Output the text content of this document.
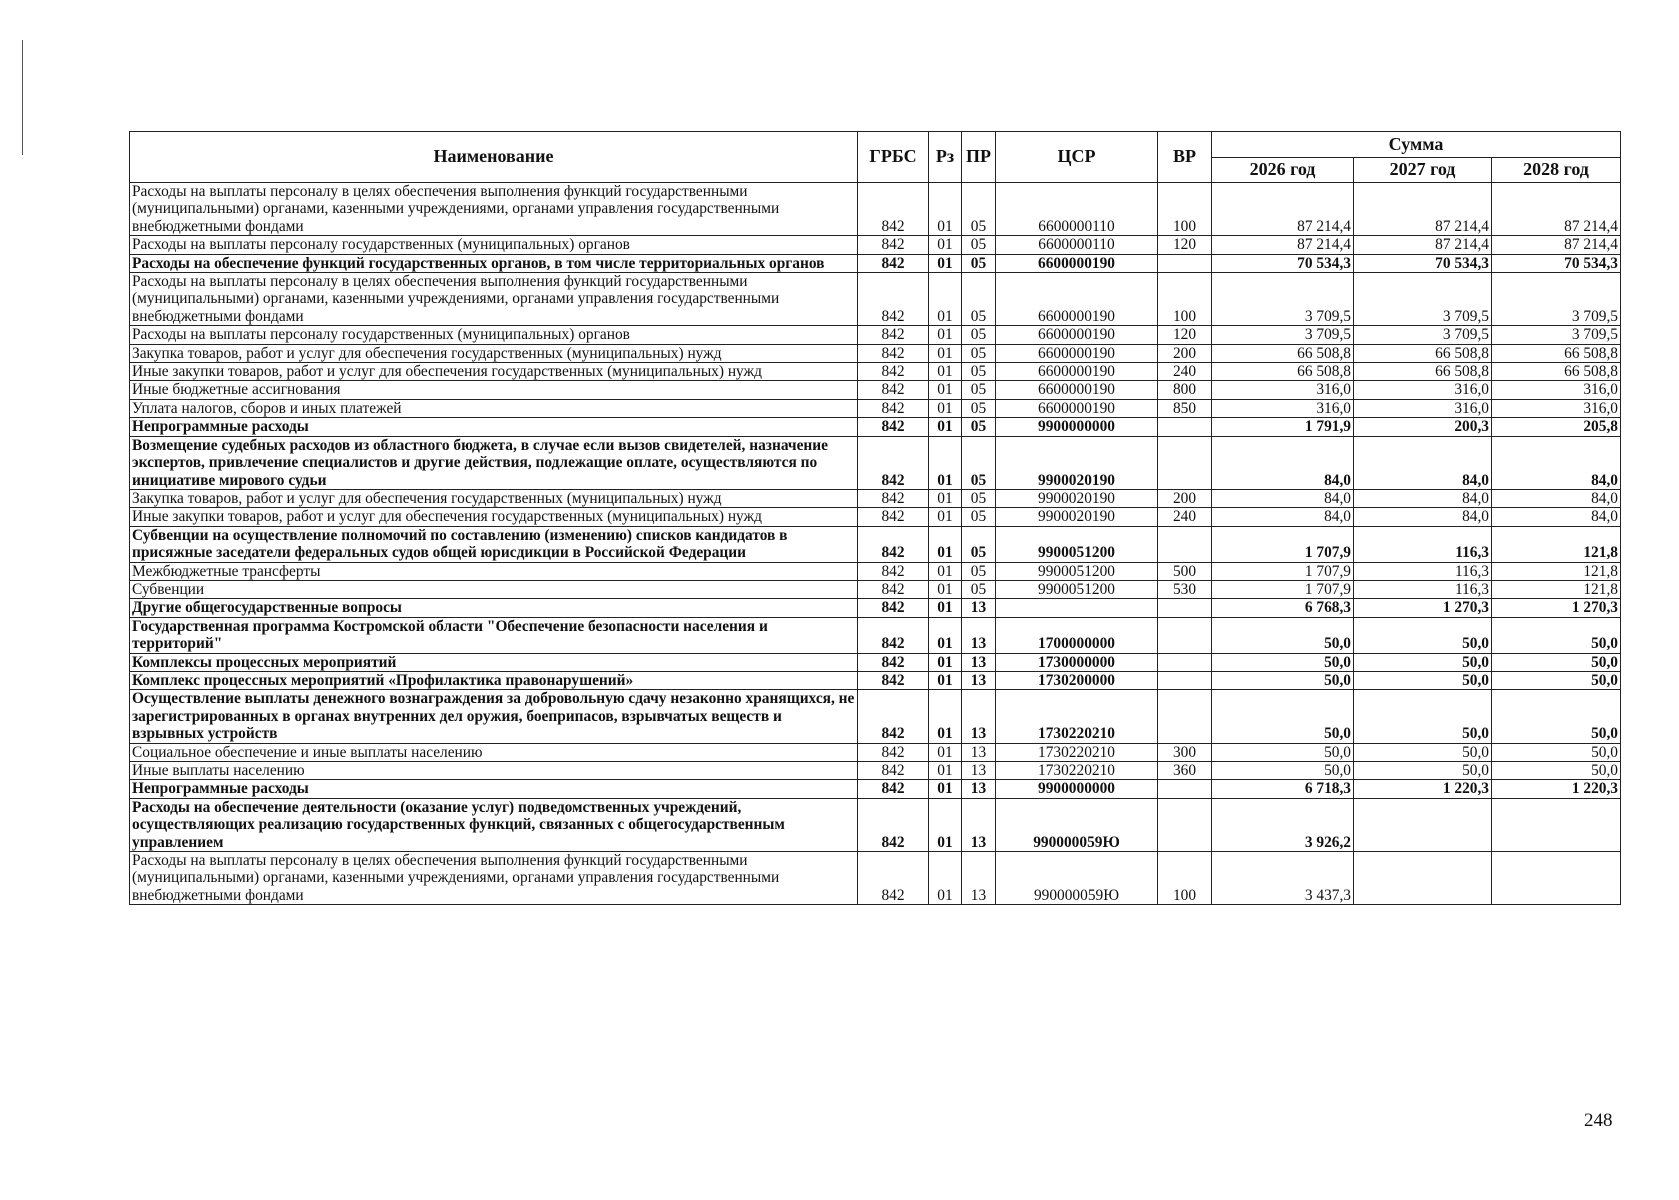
Наименование	ГРБС	Рз	ПР	ЦСР	ВР	Сумма		
						2026 год	2027 год	2028 год
Расходы на выплаты персоналу в целях обеспечения выполнения функций государственными (муниципальными) органами, казенными учреждениями, органами управления государственными внебюджетными фондами	842	01	05	6600000110	100	87 214,4	87 214,4	87 214,4
Расходы на выплаты персоналу государственных (муниципальных) органов	842	01	05	6600000110	120	87 214,4	87 214,4	87 214,4
Расходы на обеспечение функций государственных органов, в том числе территориальных органов	842	01	05	6600000190		70 534,3	70 534,3	70 534,3
Расходы на выплаты персоналу в целях обеспечения выполнения функций государственными (муниципальными) органами, казенными учреждениями, органами управления государственными внебюджетными фондами	842	01	05	6600000190	100	3 709,5	3 709,5	3 709,5
Расходы на выплаты персоналу государственных (муниципальных) органов	842	01	05	6600000190	120	3 709,5	3 709,5	3 709,5
Закупка товаров, работ и услуг для обеспечения государственных (муниципальных) нужд	842	01	05	6600000190	200	66 508,8	66 508,8	66 508,8
Иные закупки товаров, работ и услуг для обеспечения государственных (муниципальных) нужд	842	01	05	6600000190	240	66 508,8	66 508,8	66 508,8
Иные бюджетные ассигнования	842	01	05	6600000190	800	316,0	316,0	316,0
Уплата налогов, сборов и иных платежей	842	01	05	6600000190	850	316,0	316,0	316,0
Непрограммные расходы	842	01	05	9900000000		1 791,9	200,3	205,8
Возмещение судебных расходов из областного бюджета, в случае если вызов свидетелей, назначение экспертов, привлечение специалистов и другие действия, подлежащие оплате, осуществляются по инициативе мирового судьи	842	01	05	9900020190		84,0	84,0	84,0
Закупка товаров, работ и услуг для обеспечения государственных (муниципальных) нужд	842	01	05	9900020190	200	84,0	84,0	84,0
Иные закупки товаров, работ и услуг для обеспечения государственных (муниципальных) нужд	842	01	05	9900020190	240	84,0	84,0	84,0
Субвенции на осуществление полномочий по составлению (изменению) списков кандидатов в присяжные заседатели федеральных судов общей юрисдикции в Российской Федерации	842	01	05	9900051200		1 707,9	116,3	121,8
Межбюджетные трансферты	842	01	05	9900051200	500	1 707,9	116,3	121,8
Субвенции	842	01	05	9900051200	530	1 707,9	116,3	121,8
Другие общегосударственные вопросы	842	01	13			6 768,3	1 270,3	1 270,3
Государственная программа Костромской области "Обеспечение безопасности населения и территорий"	842	01	13	1700000000		50,0	50,0	50,0
Комплексы процессных мероприятий	842	01	13	1730000000		50,0	50,0	50,0
Комплекс процессных мероприятий «Профилактика правонарушений»	842	01	13	1730200000		50,0	50,0	50,0
Осуществление выплаты денежного вознаграждения за добровольную сдачу незаконно хранящихся, не зарегистрированных в органах внутренних дел оружия, боеприпасов, взрывчатых веществ и взрывных устройств	842	01	13	1730220210		50,0	50,0	50,0
Социальное обеспечение и иные выплаты населению	842	01	13	1730220210	300	50,0	50,0	50,0
Иные выплаты населению	842	01	13	1730220210	360	50,0	50,0	50,0
Непрограммные расходы	842	01	13	9900000000		6 718,3	1 220,3	1 220,3
Расходы на обеспечение деятельности (оказание услуг) подведомственных учреждений, осуществляющих реализацию государственных функций, связанных с общегосударственным управлением	842	01	13	990000059Ю		3 926,2		
Расходы на выплаты персоналу в целях обеспечения выполнения функций государственными (муниципальными) органами, казенными учреждениями, органами управления государственными внебюджетными фондами	842	01	13	990000059Ю	100	3 437,3		
248
